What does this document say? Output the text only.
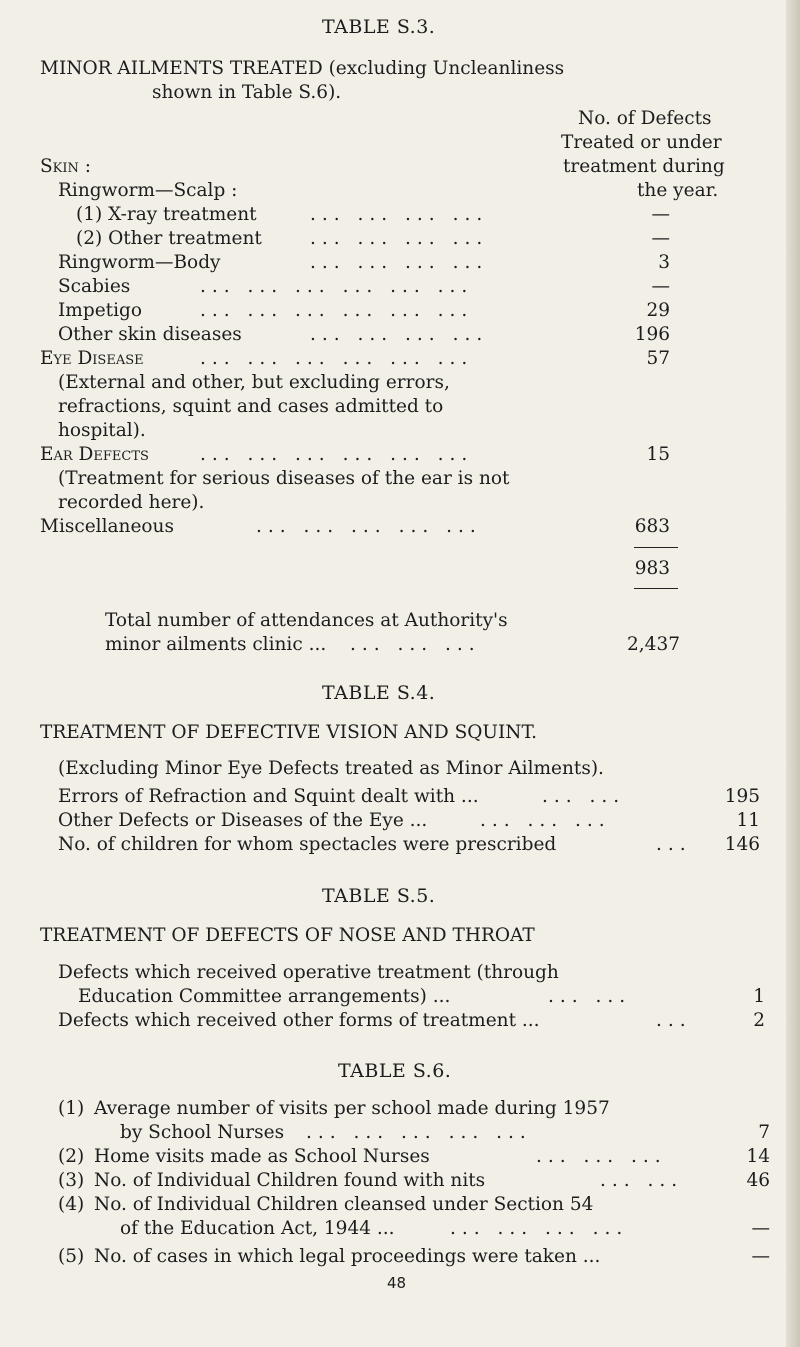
TABLE S.3.
MINOR AILMENTS TREATED (excluding Uncleanliness
shown in Table S.6).
No. of Defects
Treated or under
treatment during
the year.
Skin :
Ringworm—Scalp :
(1) X-ray treatment	... ... ... ...	—
(2) Other treatment	... ... ... ...	—
Ringworm—Body	... ... ... ...	3
Scabies	... ... ... ... ... ...	—
Impetigo	... ... ... ... ... ...	29
Other skin diseases	... ... ... ...	196
Eye Disease	... ... ... ... ... ...	57
(External and other, but excluding errors,
refractions, squint and cases admitted to
hospital).
Ear Defects	... ... ... ... ... ...	15
(Treatment for serious diseases of the ear is not
recorded here).
Miscellaneous	... ... ... ... ...	683
983
Total number of attendances at Authority's
minor ailments clinic ... ... ... ...	2,437
TABLE S.4.
TREATMENT OF DEFECTIVE VISION AND SQUINT.
(Excluding Minor Eye Defects treated as Minor Ailments).
Errors of Refraction and Squint dealt with ...	... ...	195
Other Defects or Diseases of the Eye ...	... ... ...	11
No. of children for whom spectacles were prescribed	...	146
TABLE S.5.
TREATMENT OF DEFECTS OF NOSE AND THROAT
Defects which received operative treatment (through
Education Committee arrangements) ...	... ...	1
Defects which received other forms of treatment ...	...	2
TABLE S.6.
(1) Average number of visits per school made during 1957
by School Nurses ... ... ... ... ...	7
(2) Home visits made as School Nurses	... ... ...	14
(3) No. of Individual Children found with nits	... ...	46
(4) No. of Individual Children cleansed under Section 54
of the Education Act, 1944 ...	... ... ... ...	—
(5) No. of cases in which legal proceedings were taken ...	—
48
